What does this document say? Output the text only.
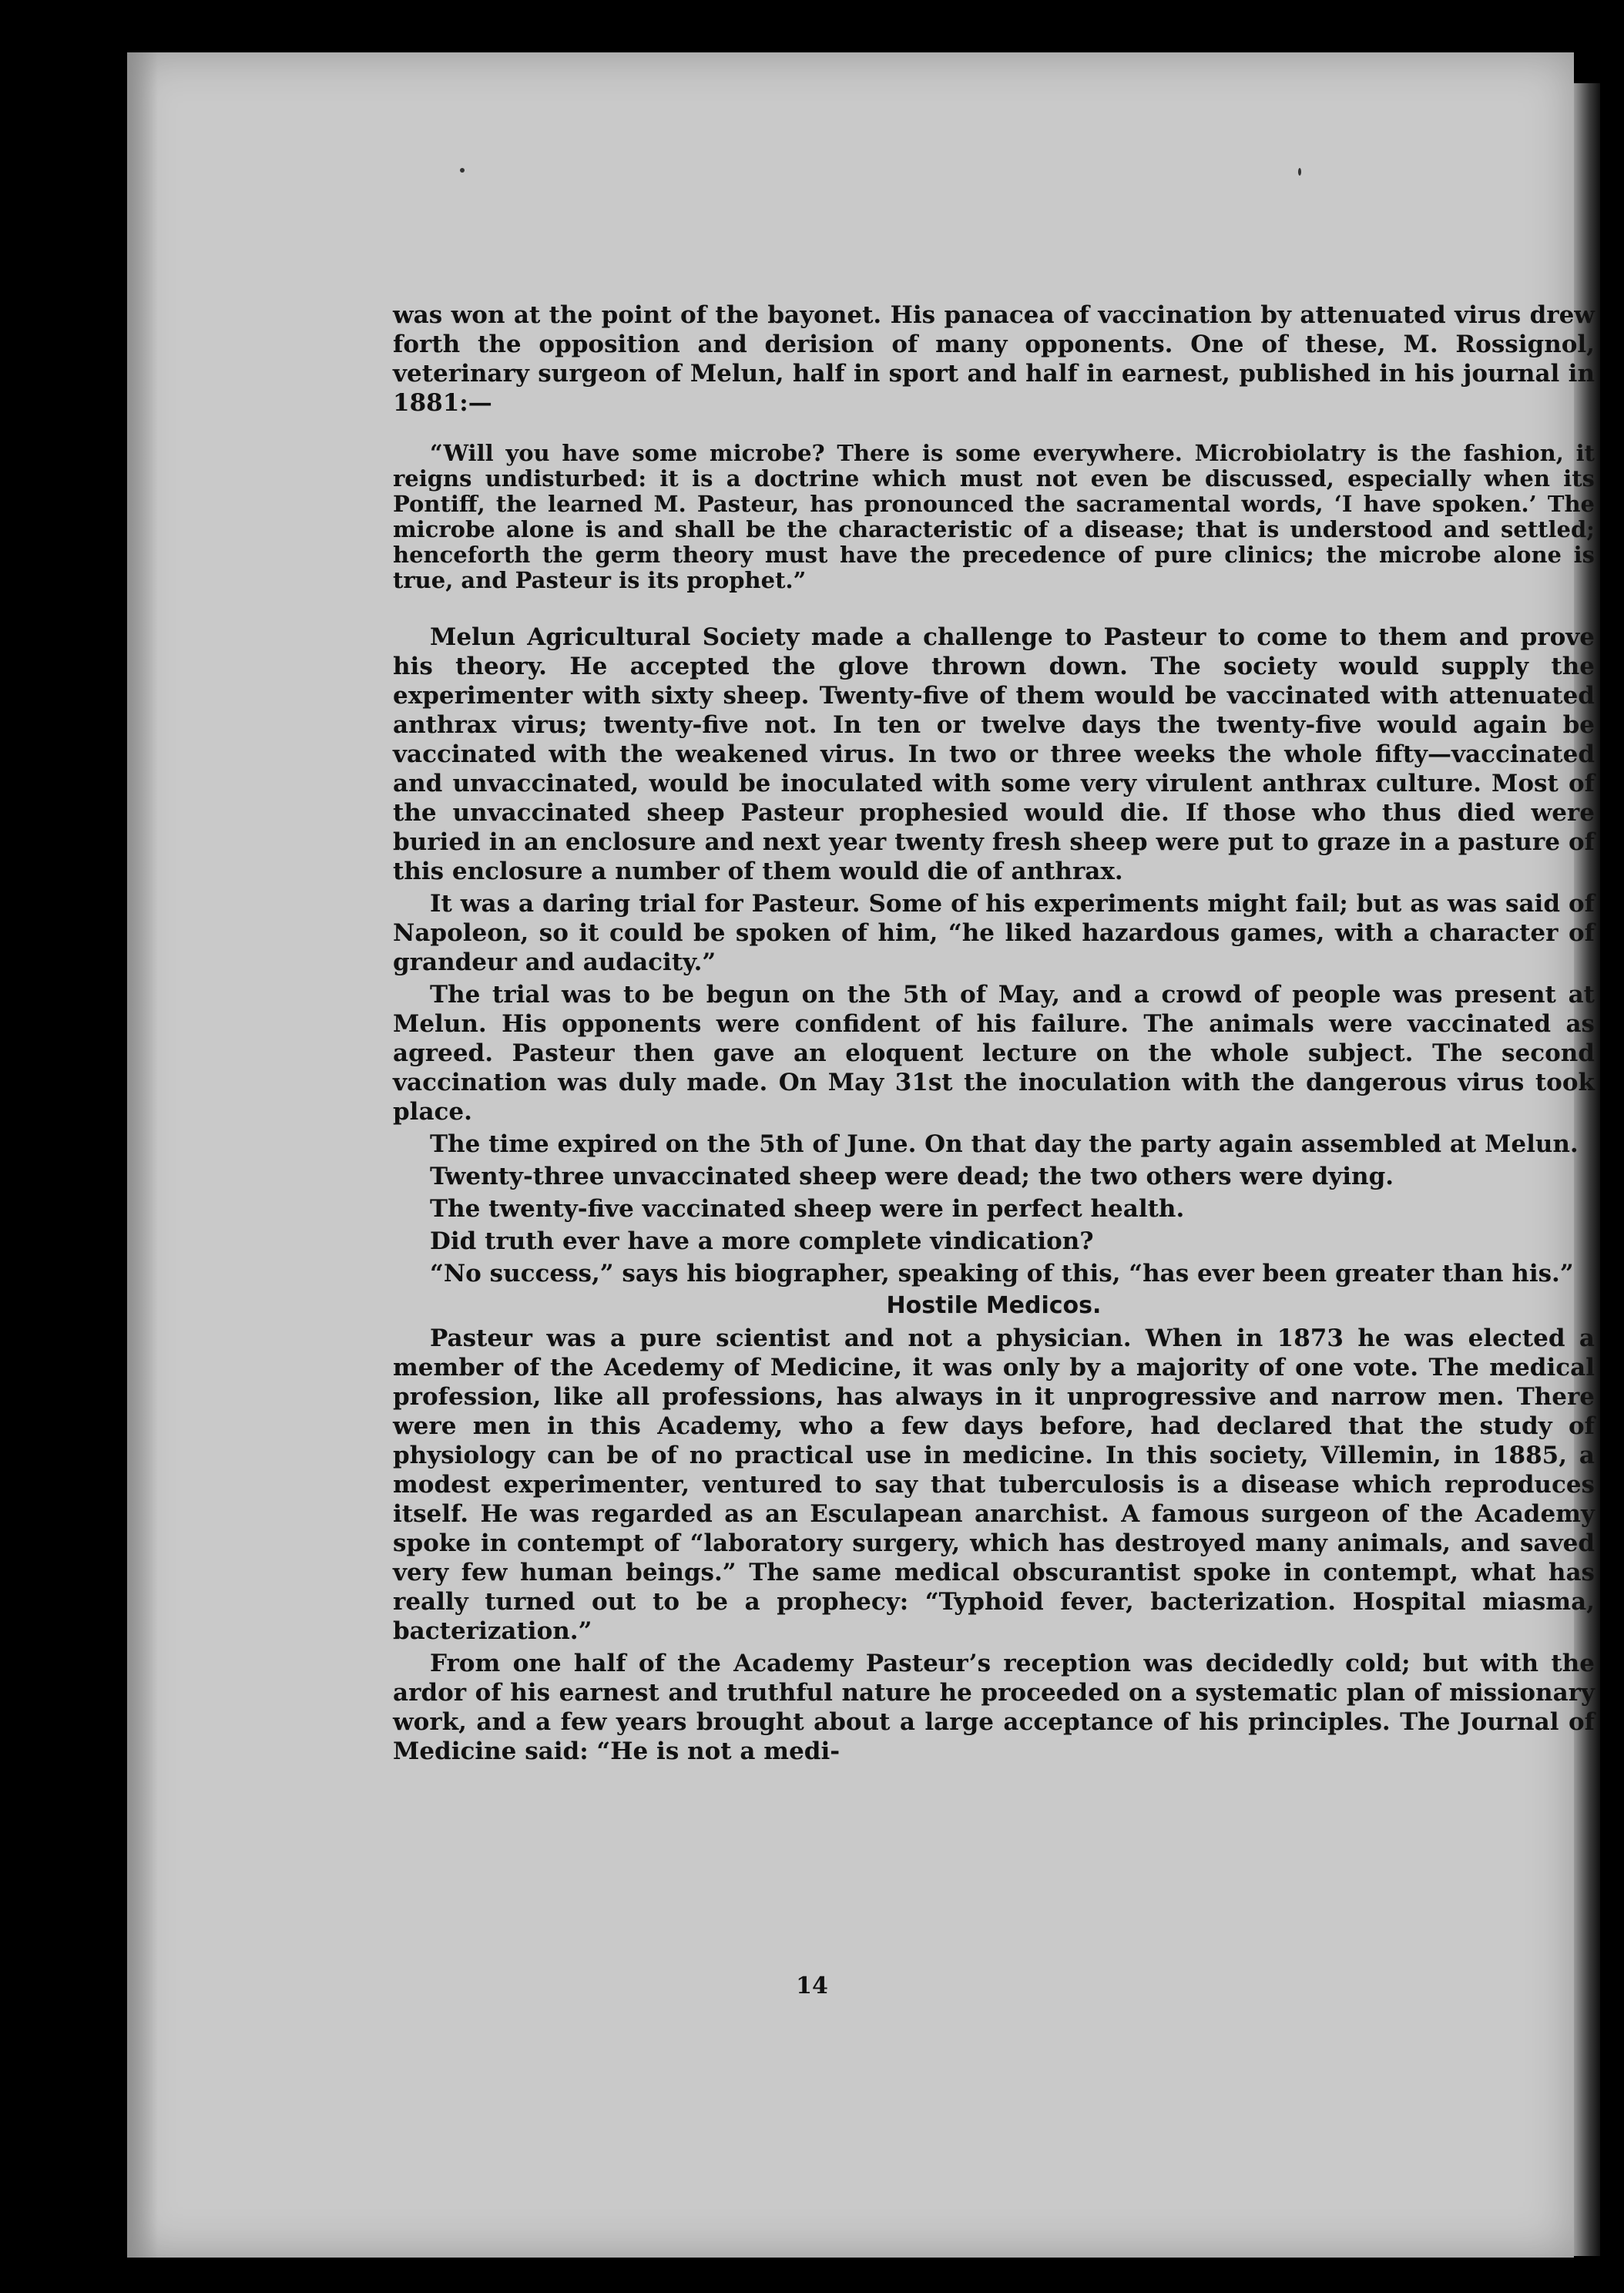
was won at the point of the bayonet. His panacea of vaccination by attenuated virus drew forth the opposition and derision of many opponents. One of these, M. Rossignol, veterinary surgeon of Melun, half in sport and half in earnest, published in his journal in 1881:—

“Will you have some microbe? There is some everywhere. Microbiolatry is the fashion, it reigns undisturbed: it is a doctrine which must not even be discussed, especially when its Pontiff, the learned M. Pasteur, has pronounced the sacramental words, ‘I have spoken.’ The microbe alone is and shall be the characteristic of a disease; that is understood and settled; henceforth the germ theory must have the precedence of pure clinics; the microbe alone is true, and Pasteur is its prophet.”

Melun Agricultural Society made a challenge to Pasteur to come to them and prove his theory. He accepted the glove thrown down. The society would supply the experimenter with sixty sheep. Twenty-five of them would be vaccinated with attenuated anthrax virus; twenty-five not. In ten or twelve days the twenty-five would again be vaccinated with the weakened virus. In two or three weeks the whole fifty—vaccinated and unvaccinated, would be inoculated with some very virulent anthrax culture. Most of the unvaccinated sheep Pasteur prophesied would die. If those who thus died were buried in an enclosure and next year twenty fresh sheep were put to graze in a pasture of this enclosure a number of them would die of anthrax.

It was a daring trial for Pasteur. Some of his experiments might fail; but as was said of Napoleon, so it could be spoken of him, “he liked hazardous games, with a character of grandeur and audacity.”

The trial was to be begun on the 5th of May, and a crowd of people was present at Melun. His opponents were confident of his failure. The animals were vaccinated as agreed. Pasteur then gave an eloquent lecture on the whole subject. The second vaccination was duly made. On May 31st the inoculation with the dangerous virus took place.

The time expired on the 5th of June. On that day the party again assembled at Melun.

Twenty-three unvaccinated sheep were dead; the two others were dying.

The twenty-five vaccinated sheep were in perfect health.

Did truth ever have a more complete vindication?

“No success,” says his biographer, speaking of this, “has ever been greater than his.”

Hostile Medicos.

Pasteur was a pure scientist and not a physician. When in 1873 he was elected a member of the Acedemy of Medicine, it was only by a majority of one vote. The medical profession, like all professions, has always in it unprogressive and narrow men. There were men in this Academy, who a few days before, had declared that the study of physiology can be of no practical use in medicine. In this society, Villemin, in 1885, a modest experimenter, ventured to say that tuberculosis is a disease which reproduces itself. He was regarded as an Esculapean anarchist. A famous surgeon of the Academy spoke in contempt of “laboratory surgery, which has destroyed many animals, and saved very few human beings.” The same medical obscurantist spoke in contempt, what has really turned out to be a prophecy: “Typhoid fever, bacterization. Hospital miasma, bacterization.”

From one half of the Academy Pasteur’s reception was decidedly cold; but with the ardor of his earnest and truthful nature he proceeded on a systematic plan of missionary work, and a few years brought about a large acceptance of his principles. The Journal of Medicine said: “He is not a medi-

14
